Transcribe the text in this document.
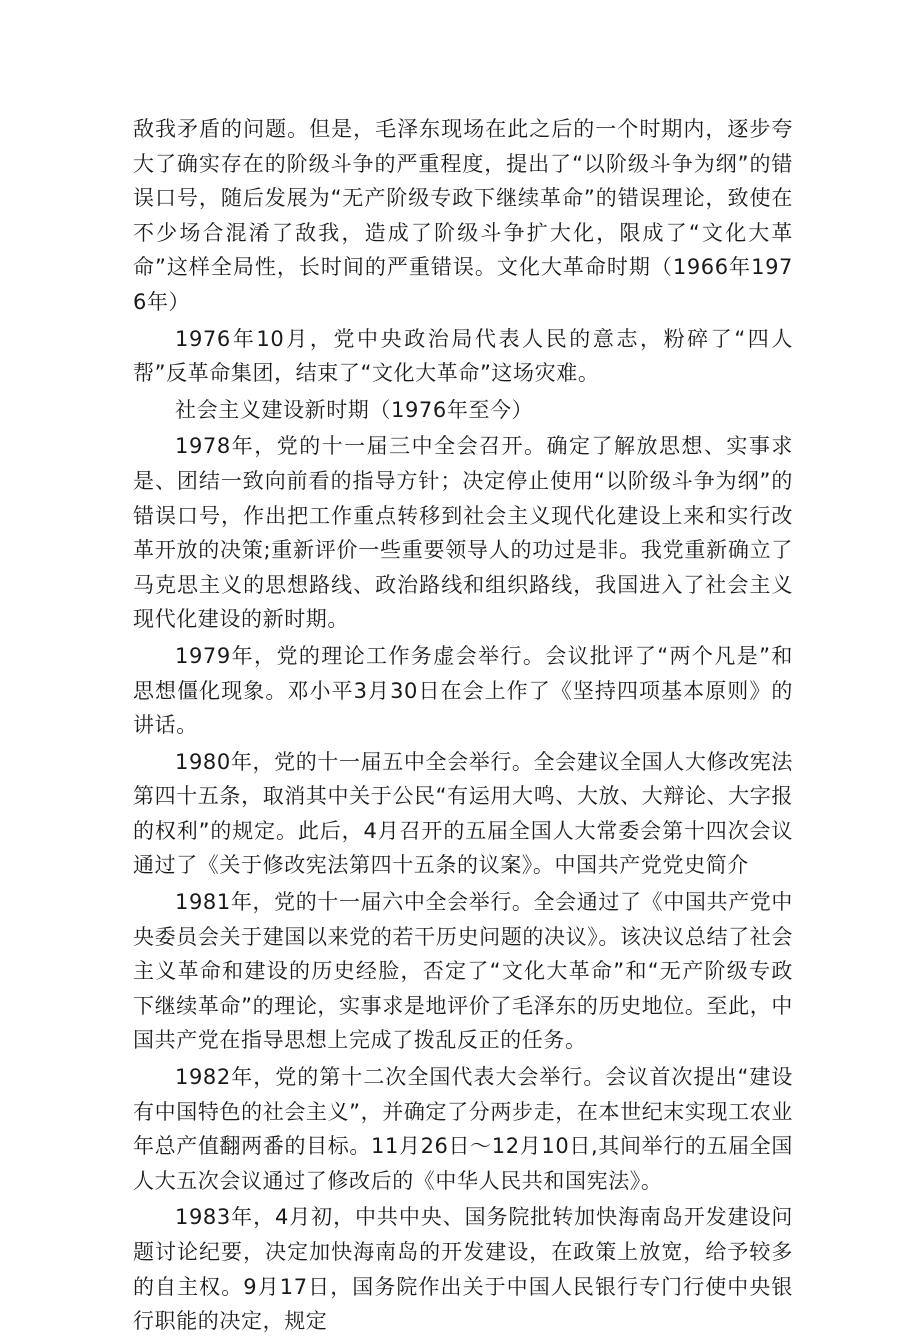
敌我矛盾的问题。但是，毛泽东现场在此之后的一个时期内，逐步夸大了确实存在的阶级斗争的严重程度，提出了“以阶级斗争为纲”的错误口号，随后发展为“无产阶级专政下继续革命”的错误理论，致使在不少场合混淆了敌我，造成了阶级斗争扩大化，限成了“文化大革命”这样全局性，长时间的严重错误。文化大革命时期（1966年1976年）

1976年10月，党中央政治局代表人民的意志，粉碎了“四人帮”反革命集团，结束了“文化大革命”这场灾难。

社会主义建设新时期（1976年至今）

1978年，党的十一届三中全会召开。确定了解放思想、实事求是、团结一致向前看的指导方针；决定停止使用“以阶级斗争为纲”的错误口号，作出把工作重点转移到社会主义现代化建设上来和实行改革开放的决策;重新评价一些重要领导人的功过是非。我党重新确立了马克思主义的思想路线、政治路线和组织路线，我国进入了社会主义现代化建设的新时期。

1979年，党的理论工作务虚会举行。会议批评了“两个凡是”和思想僵化现象。邓小平3月30日在会上作了《坚持四项基本原则》的讲话。

1980年，党的十一届五中全会举行。全会建议全国人大修改宪法第四十五条，取消其中关于公民“有运用大鸣、大放、大辩论、大字报的权利”的规定。此后，4月召开的五届全国人大常委会第十四次会议通过了《关于修改宪法第四十五条的议案》。中国共产党党史简介

1981年，党的十一届六中全会举行。全会通过了《中国共产党中央委员会关于建国以来党的若干历史问题的决议》。该决议总结了社会主义革命和建设的历史经脸，否定了“文化大革命”和“无产阶级专政下继续革命”的理论，实事求是地评价了毛泽东的历史地位。至此，中国共产党在指导思想上完成了拨乱反正的任务。

1982年，党的第十二次全国代表大会举行。会议首次提出“建设有中国特色的社会主义”，并确定了分两步走，在本世纪末实现工农业年总产值翻两番的目标。11月26日〜12月10日,其间举行的五届全国人大五次会议通过了修改后的《中华人民共和国宪法》。

1983年，4月初，中共中央、国务院批转加快海南岛开发建设问题讨论纪要，决定加快海南岛的开发建设，在政策上放宽，给予较多的自主权。9月17日，国务院作出关于中国人民银行专门行使中央银行职能的决定，规定
